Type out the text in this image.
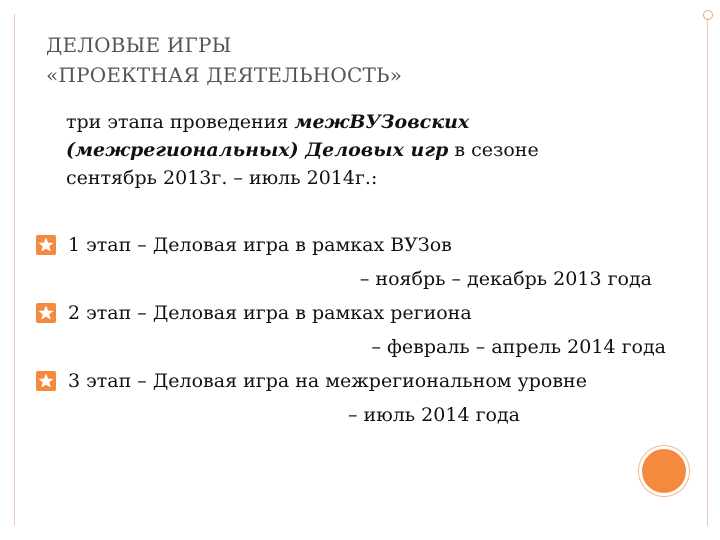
ДЕЛОВЫЕ ИГРЫ
«ПРОЕКТНАЯ ДЕЯТЕЛЬНОСТЬ»
три этапа проведения межВУЗовских (межрегиональных) Деловых игр в сезоне сентябрь 2013г. – июль 2014г.:
1 этап – Деловая игра в рамках ВУЗов
– ноябрь – декабрь 2013 года
2 этап – Деловая игра в рамках региона
– февраль – апрель 2014 года
3 этап – Деловая игра на межрегиональном уровне
– июль 2014 года
